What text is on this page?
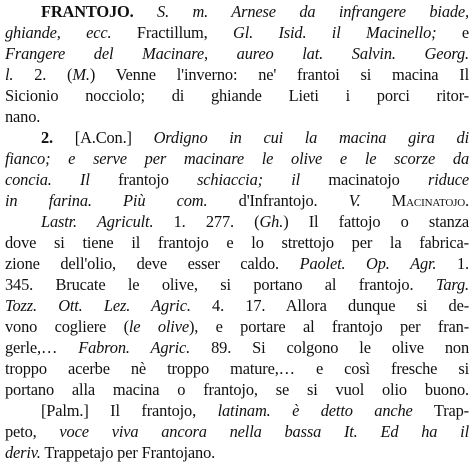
FRANTOJO. S. m. Arnese da infrangere biade,
ghiande, ecc. Fractillum, Gl. Isid. il Macinello; e
Frangere del Macinare, aureo lat. Salvin. Georg.
l. 2. (M.) Venne l'inverno: ne' frantoi si macina Il
Sicionio nocciolo; di ghiande Lieti i porci ritor-
nano.
2. [A.Con.] Ordigno in cui la macina gira di
fianco; e serve per macinare le olive e le scorze da
concia. Il frantojo schiaccia; il macinatojo riduce
in farina. Più com. d'Infrantojo. V. Macinatojo.
Lastr. Agricult. 1. 277. (Gh.) Il fattojo o stanza
dove si tiene il frantojo e lo strettojo per la fabrica-
zione dell'olio, deve esser caldo. Paolet. Op. Agr. 1.
345. Brucate le olive, si portano al frantojo. Targ.
Tozz. Ott. Lez. Agric. 4. 17. Allora dunque si de-
vono cogliere (le olive), e portare al frantojo per fran-
gerle,… Fabron. Agric. 89. Si colgono le olive non
troppo acerbe nè troppo mature,… e così fresche si
portano alla macina o frantojo, se si vuol olio buono.
[Palm.] Il frantojo, latinam. è detto anche Trap-
peto, voce viva ancora nella bassa It. Ed ha il
deriv. Trappetajo per Frantojano.
